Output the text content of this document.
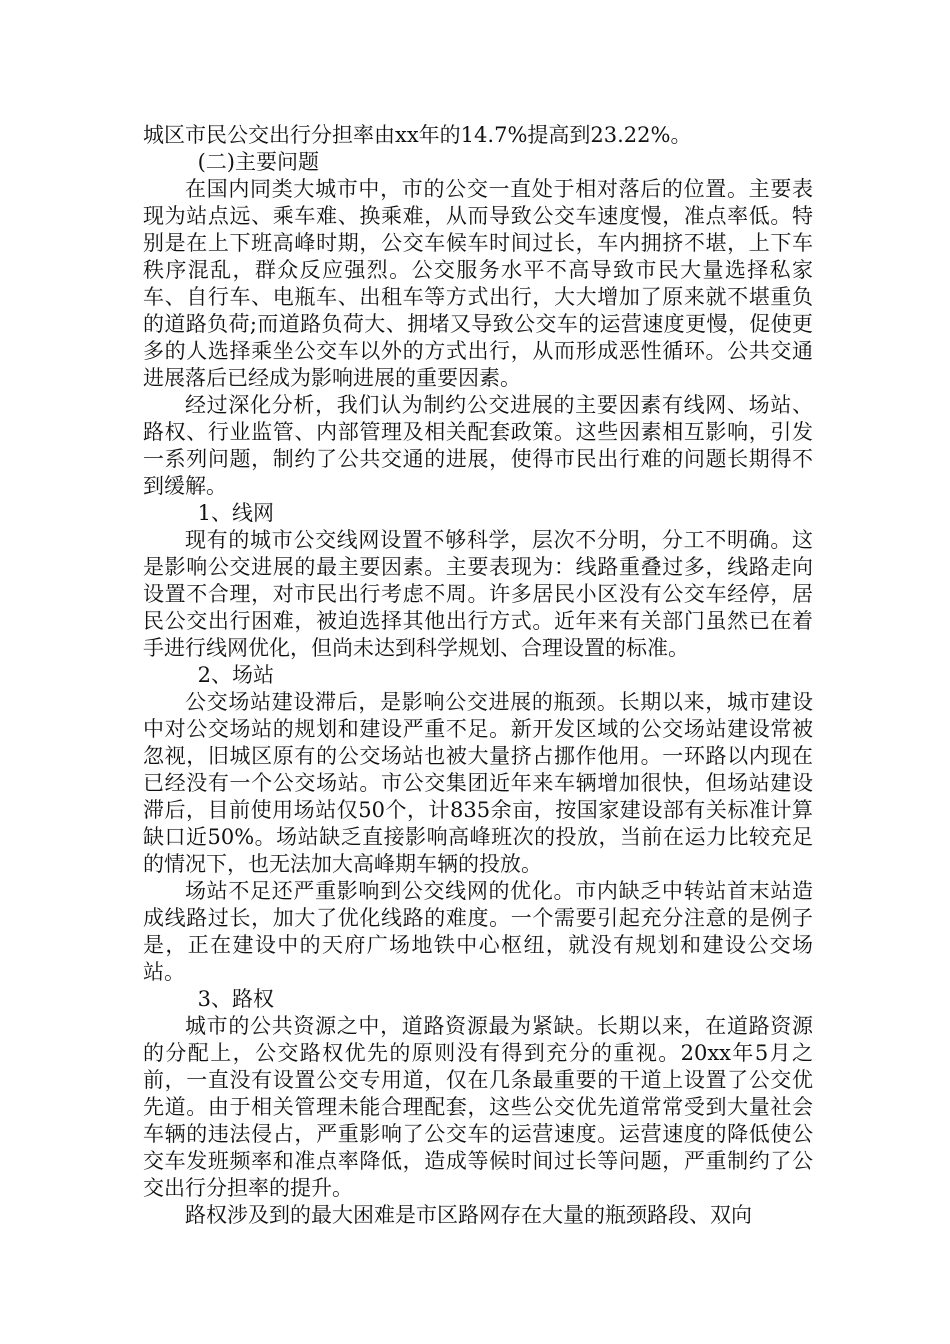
城区市民公交出行分担率由xx年的14.7%提高到23.22%。

(二)主要问题

在国内同类大城市中，市的公交一直处于相对落后的位置。主要表现为站点远、乘车难、换乘难，从而导致公交车速度慢，准点率低。特别是在上下班高峰时期，公交车候车时间过长，车内拥挤不堪，上下车秩序混乱，群众反应强烈。公交服务水平不高导致市民大量选择私家车、自行车、电瓶车、出租车等方式出行，大大增加了原来就不堪重负的道路负荷;而道路负荷大、拥堵又导致公交车的运营速度更慢，促使更多的人选择乘坐公交车以外的方式出行，从而形成恶性循环。公共交通进展落后已经成为影响进展的重要因素。

经过深化分析，我们认为制约公交进展的主要因素有线网、场站、路权、行业监管、内部管理及相关配套政策。这些因素相互影响，引发一系列问题，制约了公共交通的进展，使得市民出行难的问题长期得不到缓解。

1、线网

现有的城市公交线网设置不够科学，层次不分明，分工不明确。这是影响公交进展的最主要因素。主要表现为：线路重叠过多，线路走向设置不合理，对市民出行考虑不周。许多居民小区没有公交车经停，居民公交出行困难，被迫选择其他出行方式。近年来有关部门虽然已在着手进行线网优化，但尚未达到科学规划、合理设置的标准。

2、场站

公交场站建设滞后，是影响公交进展的瓶颈。长期以来，城市建设中对公交场站的规划和建设严重不足。新开发区域的公交场站建设常被忽视，旧城区原有的公交场站也被大量挤占挪作他用。一环路以内现在已经没有一个公交场站。市公交集团近年来车辆增加很快，但场站建设滞后，目前使用场站仅50个，计835余亩，按国家建设部有关标准计算缺口近50%。场站缺乏直接影响高峰班次的投放，当前在运力比较充足的情况下，也无法加大高峰期车辆的投放。

场站不足还严重影响到公交线网的优化。市内缺乏中转站首末站造成线路过长，加大了优化线路的难度。一个需要引起充分注意的是例子是，正在建设中的天府广场地铁中心枢纽，就没有规划和建设公交场站。

3、路权

城市的公共资源之中，道路资源最为紧缺。长期以来，在道路资源的分配上，公交路权优先的原则没有得到充分的重视。20xx年5月之前，一直没有设置公交专用道，仅在几条最重要的干道上设置了公交优先道。由于相关管理未能合理配套，这些公交优先道常常受到大量社会车辆的违法侵占，严重影响了公交车的运营速度。运营速度的降低使公交车发班频率和准点率降低，造成等候时间过长等问题，严重制约了公交出行分担率的提升。

路权涉及到的最大困难是市区路网存在大量的瓶颈路段、双向
